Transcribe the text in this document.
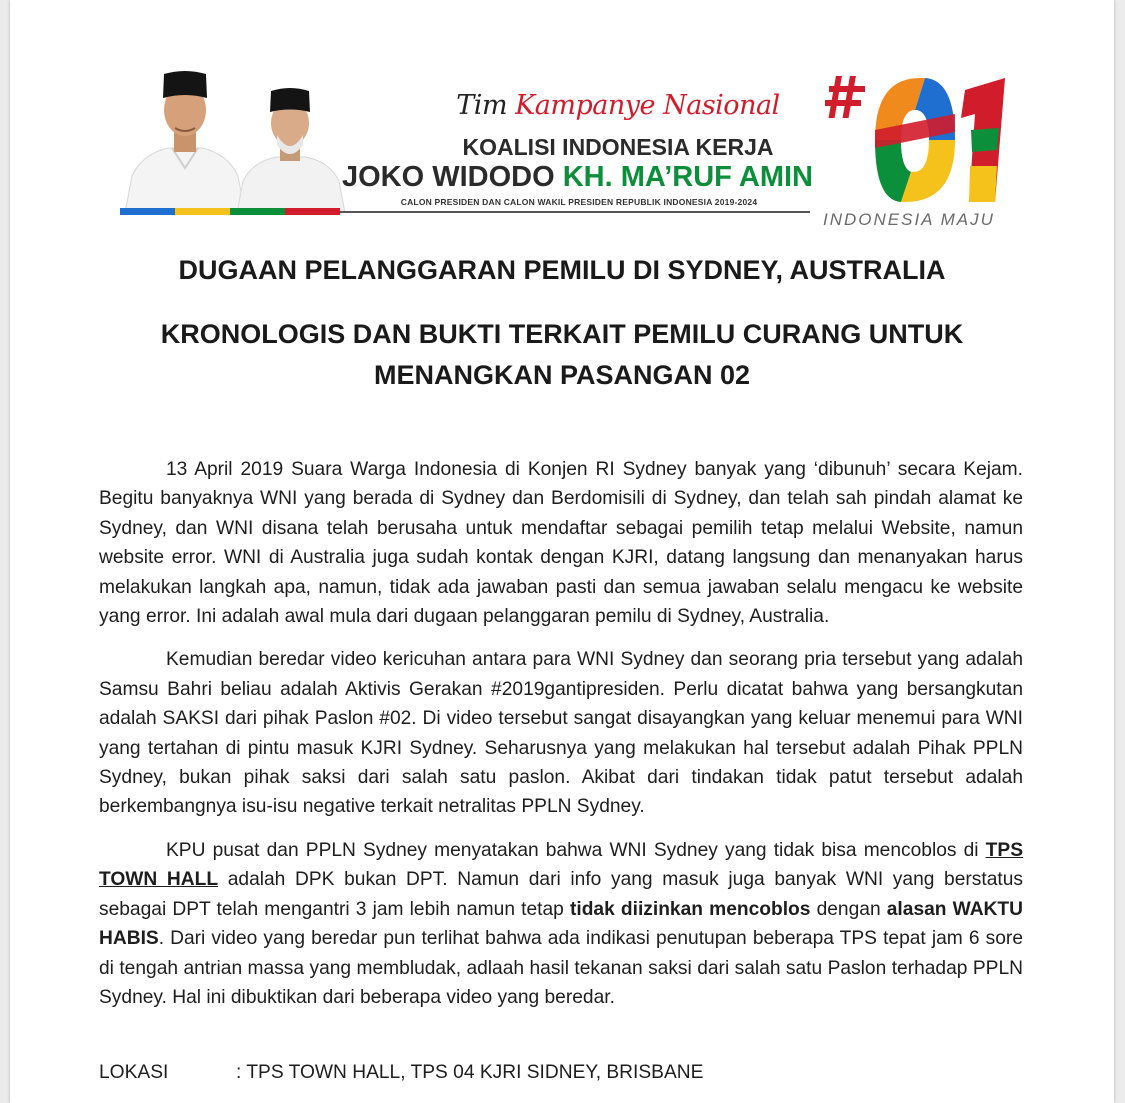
Tim Kampanye Nasional
KOALISI INDONESIA KERJA
JOKO WIDODO KH. MA’RUF AMIN
CALON PRESIDEN DAN CALON WAKIL PRESIDEN REPUBLIK INDONESIA 2019-2024
INDONESIA MAJU
DUGAAN PELANGGARAN PEMILU DI SYDNEY, AUSTRALIA
KRONOLOGIS DAN BUKTI TERKAIT PEMILU CURANG UNTUK
MENANGKAN PASANGAN 02

13 April 2019 Suara Warga Indonesia di Konjen RI Sydney banyak yang ‘dibunuh’ secara Kejam. Begitu banyaknya WNI yang berada di Sydney dan Berdomisili di Sydney, dan telah sah pindah alamat ke Sydney, dan WNI disana telah berusaha untuk mendaftar sebagai pemilih tetap melalui Website, namun website error. WNI di Australia juga sudah kontak dengan KJRI, datang langsung dan menanyakan harus melakukan langkah apa, namun, tidak ada jawaban pasti dan semua jawaban selalu mengacu ke website yang error. Ini adalah awal mula dari dugaan pelanggaran pemilu di Sydney, Australia.

Kemudian beredar video kericuhan antara para WNI Sydney dan seorang pria tersebut yang adalah Samsu Bahri beliau adalah Aktivis Gerakan #2019gantipresiden. Perlu dicatat bahwa yang bersangkutan adalah SAKSI dari pihak Paslon #02. Di video tersebut sangat disayangkan yang keluar menemui para WNI yang tertahan di pintu masuk KJRI Sydney. Seharusnya yang melakukan hal tersebut adalah Pihak PPLN Sydney, bukan pihak saksi dari salah satu paslon. Akibat dari tindakan tidak patut tersebut adalah berkembangnya isu-isu negative terkait netralitas PPLN Sydney.

KPU pusat dan PPLN Sydney menyatakan bahwa WNI Sydney yang tidak bisa mencoblos di TPS TOWN HALL adalah DPK bukan DPT. Namun dari info yang masuk juga banyak WNI yang berstatus sebagai DPT telah mengantri 3 jam lebih namun tetap tidak diizinkan mencoblos dengan alasan WAKTU HABIS. Dari video yang beredar pun terlihat bahwa ada indikasi penutupan beberapa TPS tepat jam 6 sore di tengah antrian massa yang membludak, adlaah hasil tekanan saksi dari salah satu Paslon terhadap PPLN Sydney. Hal ini dibuktikan dari beberapa video yang beredar.

LOKASI	: TPS TOWN HALL, TPS 04 KJRI SIDNEY, BRISBANE
